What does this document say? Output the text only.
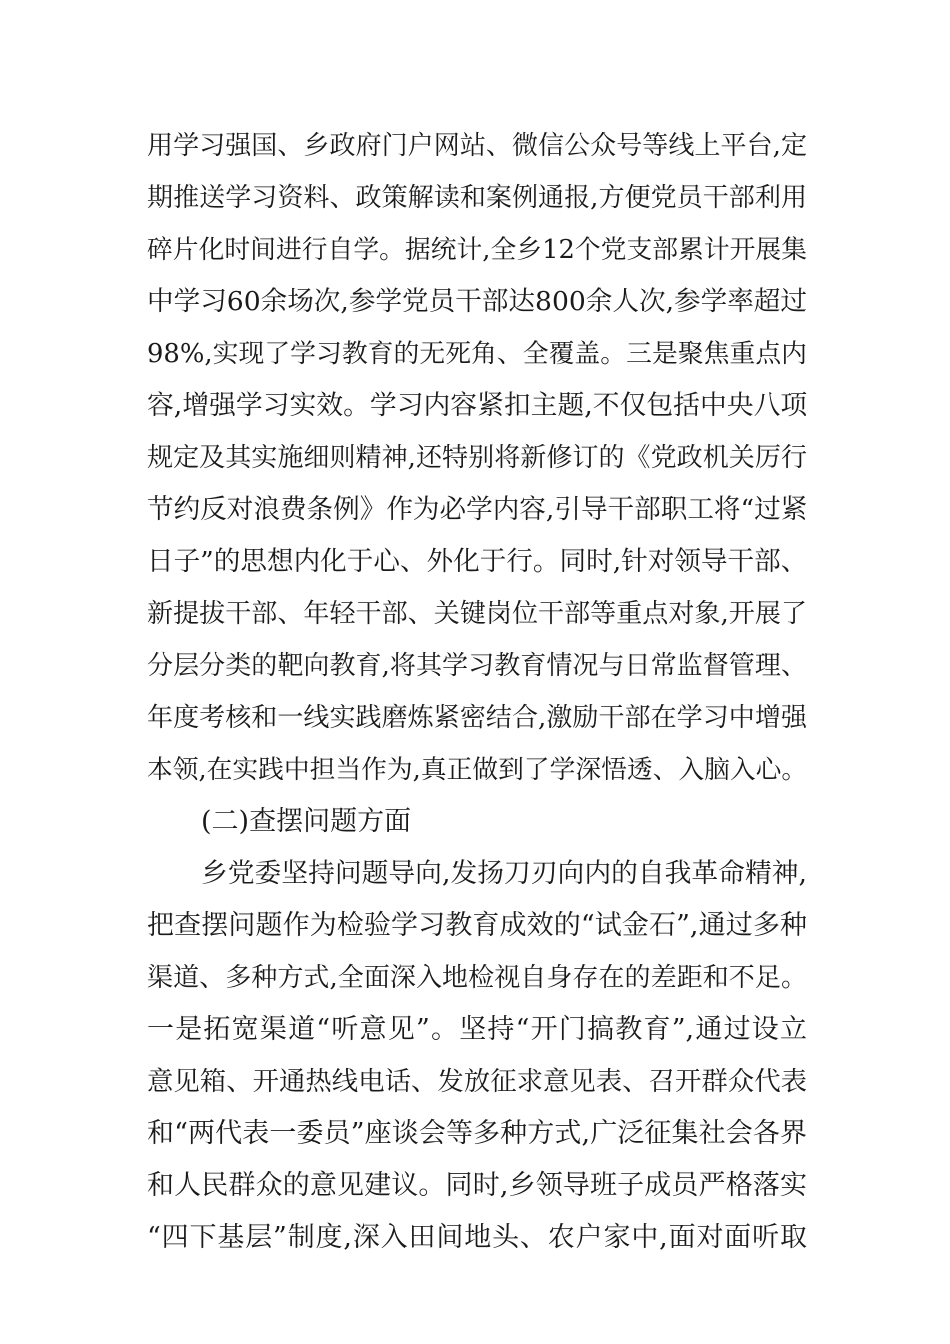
用学习强国、乡政府门户网站、微信公众号等线上平台,定
期推送学习资料、政策解读和案例通报,方便党员干部利用
碎片化时间进行自学。据统计,全乡12个党支部累计开展集
中学习60余场次,参学党员干部达800余人次,参学率超过
98%,实现了学习教育的无死角、全覆盖。三是聚焦重点内
容,增强学习实效。学习内容紧扣主题,不仅包括中央八项
规定及其实施细则精神,还特别将新修订的《党政机关厉行
节约反对浪费条例》作为必学内容,引导干部职工将“过紧
日子”的思想内化于心、外化于行。同时,针对领导干部、
新提拔干部、年轻干部、关键岗位干部等重点对象,开展了
分层分类的靶向教育,将其学习教育情况与日常监督管理、
年度考核和一线实践磨炼紧密结合,激励干部在学习中增强
本领,在实践中担当作为,真正做到了学深悟透、入脑入心。
(二)查摆问题方面
乡党委坚持问题导向,发扬刀刃向内的自我革命精神,
把查摆问题作为检验学习教育成效的“试金石”,通过多种
渠道、多种方式,全面深入地检视自身存在的差距和不足。
一是拓宽渠道“听意见”。坚持“开门搞教育”,通过设立
意见箱、开通热线电话、发放征求意见表、召开群众代表
和“两代表一委员”座谈会等多种方式,广泛征集社会各界
和人民群众的意见建议。同时,乡领导班子成员严格落实
“四下基层”制度,深入田间地头、农户家中,面对面听取
